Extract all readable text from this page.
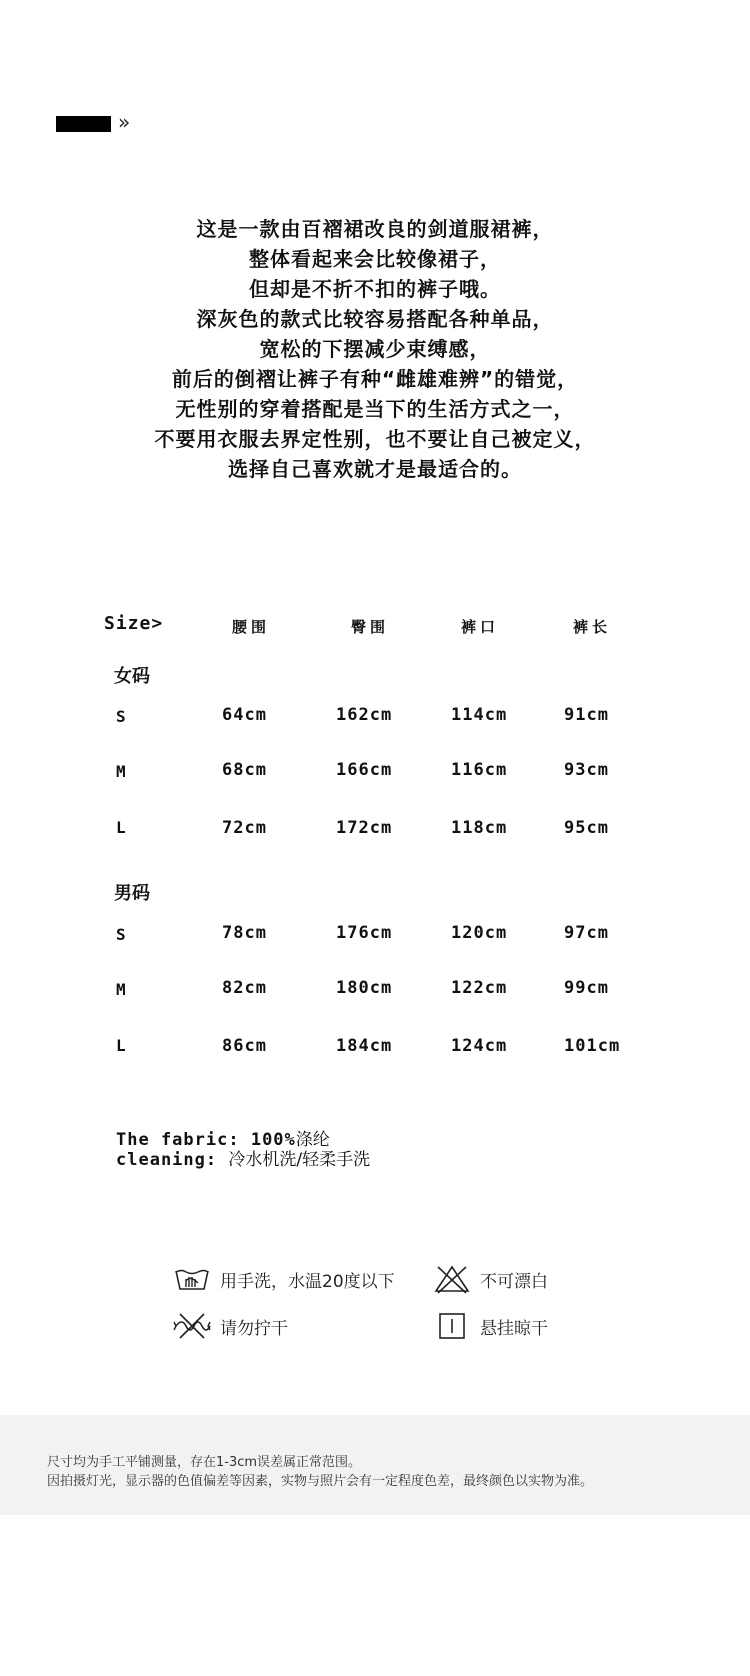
»
这是一款由百褶裙改良的剑道服裙裤，
整体看起来会比较像裙子，
但却是不折不扣的裤子哦。
深灰色的款式比较容易搭配各种单品，
宽松的下摆减少束缚感，
前后的倒褶让裤子有种“雌雄难辨”的错觉，
无性别的穿着搭配是当下的生活方式之一，
不要用衣服去界定性别，也不要让自己被定义，
选择自己喜欢就才是最适合的。
Size>	腰围	臀围	裤口	裤长
女码
S	64cm	162cm	114cm	91cm
M	68cm	166cm	116cm	93cm
L	72cm	172cm	118cm	95cm
男码
S	78cm	176cm	120cm	97cm
M	82cm	180cm	122cm	99cm
L	86cm	184cm	124cm	101cm
The fabric: 100%涤纶
cleaning: 冷水机洗/轻柔手洗
用手洗，水温20度以下	不可漂白
请勿拧干	悬挂晾干
尺寸均为手工平铺测量，存在1-3cm误差属正常范围。
因拍摄灯光，显示器的色值偏差等因素，实物与照片会有一定程度色差，最终颜色以实物为准。
